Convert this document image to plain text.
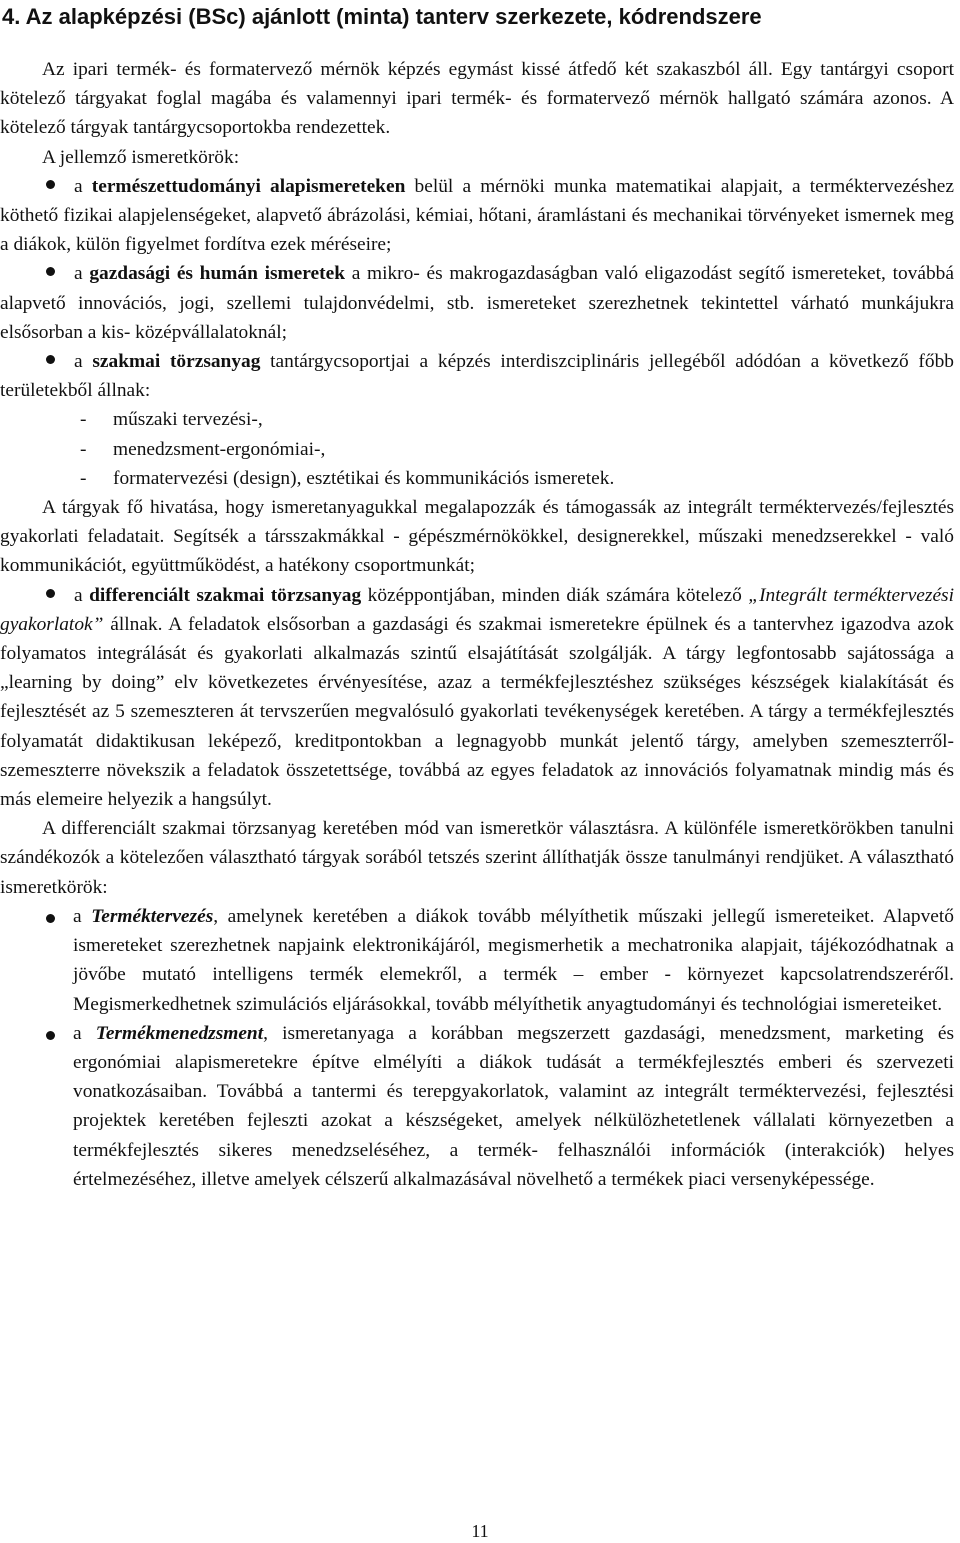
4. Az alapképzési (BSc) ajánlott (minta) tanterv szerkezete, kódrendszere

Az ipari termék- és formatervező mérnök képzés egymást kissé átfedő két szakaszból áll. Egy tantárgyi csoport kötelező tárgyakat foglal magába és valamennyi ipari termék- és formatervező mérnök hallgató számára azonos. A kötelező tárgyak tantárgycsoportokba rendezettek.
A jellemző ismeretkörök:

a természettudományi alapismereteken belül a mérnöki munka matematikai alapjait, a terméktervezéshez köthető fizikai alapjelenségeket, alapvető ábrázolási, kémiai, hőtani, áramlástani és mechanikai törvényeket ismernek meg a diákok, külön figyelmet fordítva ezek méréseire;

a gazdasági és humán ismeretek a mikro- és makrogazdaságban való eligazodást segítő ismereteket, továbbá alapvető innovációs, jogi, szellemi tulajdonvédelmi, stb. ismereteket szerezhetnek tekintettel várható munkájukra elsősorban a kis- középvállalatoknál;

a szakmai törzsanyag tantárgycsoportjai a képzés interdiszciplináris jellegéből adódóan a következő főbb területekből állnak:

- műszaki tervezési-,
- menedzsment-ergonómiai-,
- formatervezési (design), esztétikai és kommunikációs ismeretek.

A tárgyak fő hivatása, hogy ismeretanyagukkal megalapozzák és támogassák az integrált terméktervezés/fejlesztés gyakorlati feladatait. Segítsék a társszakmákkal - gépészmérnökökkel, designerekkel, műszaki menedzserekkel - való kommunikációt, együttműködést, a hatékony csoportmunkát;

a differenciált szakmai törzsanyag középpontjában, minden diák számára kötelező „Integrált terméktervezési gyakorlatok” állnak. A feladatok elsősorban a gazdasági és szakmai ismeretekre épülnek és a tantervhez igazodva azok folyamatos integrálását és gyakorlati alkalmazás szintű elsajátítását szolgálják. A tárgy legfontosabb sajátossága a „learning by doing” elv következetes érvényesítése, azaz a termékfejlesztéshez szükséges készségek kialakítását és fejlesztését az 5 szemeszteren át tervszerűen megvalósuló gyakorlati tevékenységek keretében. A tárgy a termékfejlesztés folyamatát didaktikusan leképező, kreditpontokban a legnagyobb munkát jelentő tárgy, amelyben szemeszterről-szemeszterre növekszik a feladatok összetettsége, továbbá az egyes feladatok az innovációs folyamatnak mindig más és más elemeire helyezik a hangsúlyt.

A differenciált szakmai törzsanyag keretében mód van ismeretkör választásra. A különféle ismeretkörökben tanulni szándékozók a kötelezően választható tárgyak sorából tetszés szerint állíthatják össze tanulmányi rendjüket. A választható ismeretkörök:

a Terméktervezés, amelynek keretében a diákok tovább mélyíthetik műszaki jellegű ismereteiket. Alapvető ismereteket szerezhetnek napjaink elektronikájáról, megismerhetik a mechatronika alapjait, tájékozódhatnak a jövőbe mutató intelligens termék elemekről, a termék – ember - környezet kapcsolatrendszeréről. Megismerkedhetnek szimulációs eljárásokkal, tovább mélyíthetik anyagtudományi és technológiai ismereteiket.
a Termékmenedzsment, ismeretanyaga a korábban megszerzett gazdasági, menedzsment, marketing és ergonómiai alapismeretekre építve elmélyíti a diákok tudását a termékfejlesztés emberi és szervezeti vonatkozásaiban. Továbbá a tantermi és terepgyakorlatok, valamint az integrált terméktervezési, fejlesztési projektek keretében fejleszti azokat a készségeket, amelyek nélkülözhetetlenek vállalati környezetben a termékfejlesztés sikeres menedzseléséhez, a termék- felhasználói információk (interakciók) helyes értelmezéséhez, illetve amelyek célszerű alkalmazásával növelhető a termékek piaci versenyképessége.
11
